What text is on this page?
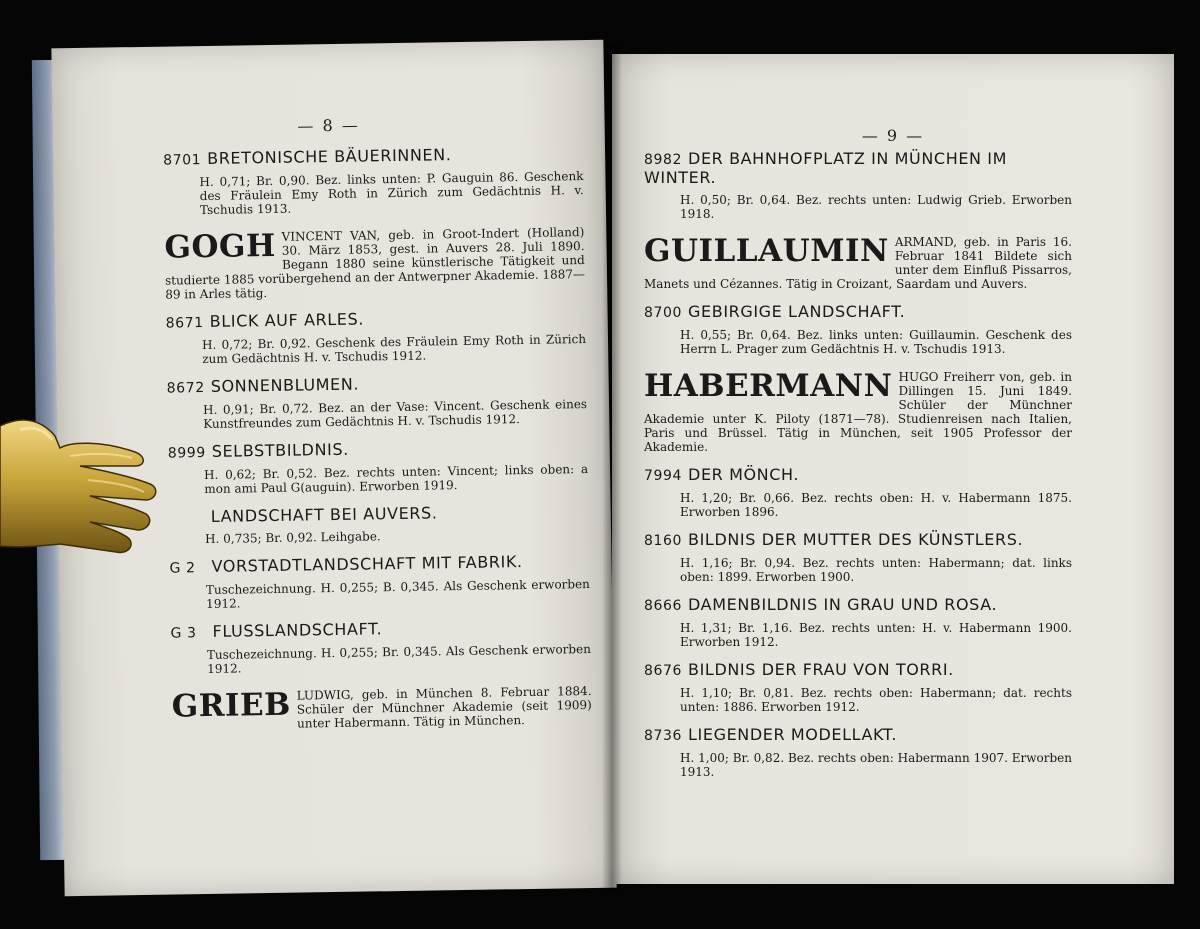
— 8 —
8701 BRETONISCHE BÄUERINNEN.
H. 0,71; Br. 0,90. Bez. links unten: P. Gauguin 86. Geschenk des Fräulein Emy Roth in Zürich zum Gedächtnis H. v. Tschudis 1913.
GOGH VINCENT VAN, geb. in Groot-Indert (Holland) 30. März 1853, gest. in Auvers 28. Juli 1890. Begann 1880 seine künstlerische Tätigkeit und studierte 1885 vorübergehend an der Antwerpner Akademie. 1887—89 in Arles tätig.
8671 BLICK AUF ARLES.
H. 0,72; Br. 0,92. Geschenk des Fräulein Emy Roth in Zürich zum Gedächtnis H. v. Tschudis 1912.
8672 SONNENBLUMEN.
H. 0,91; Br. 0,72. Bez. an der Vase: Vincent. Geschenk eines Kunstfreundes zum Gedächtnis H. v. Tschudis 1912.
8999 SELBSTBILDNIS.
H. 0,62; Br. 0,52. Bez. rechts unten: Vincent; links oben: a mon ami Paul G(auguin). Erworben 1919.
LANDSCHAFT BEI AUVERS.
H. 0,735; Br. 0,92. Leihgabe.
G 2 VORSTADTLANDSCHAFT MIT FABRIK.
Tuschezeichnung. H. 0,255; B. 0,345. Als Geschenk erworben 1912.
G 3 FLUSSLANDSCHAFT.
Tuschezeichnung. H. 0,255; Br. 0,345. Als Geschenk erworben 1912.
GRIEB LUDWIG, geb. in München 8. Februar 1884. Schüler der Münchner Akademie (seit 1909) unter Habermann. Tätig in München.
— 9 —
8982 DER BAHNHOFPLATZ IN MÜNCHEN IM WINTER.
H. 0,50; Br. 0,64. Bez. rechts unten: Ludwig Grieb. Erworben 1918.
GUILLAUMIN ARMAND, geb. in Paris 16. Februar 1841 Bildete sich unter dem Einfluß Pissarros, Manets und Cézannes. Tätig in Croizant, Saardam und Auvers.
8700 GEBIRGIGE LANDSCHAFT.
H. 0,55; Br. 0,64. Bez. links unten: Guillaumin. Geschenk des Herrn L. Prager zum Gedächtnis H. v. Tschudis 1913.
HABERMANN HUGO Freiherr von, geb. in Dillingen 15. Juni 1849. Schüler der Münchner Akademie unter K. Piloty (1871—78). Studienreisen nach Italien, Paris und Brüssel. Tätig in München, seit 1905 Professor der Akademie.
7994 DER MÖNCH.
H. 1,20; Br. 0,66. Bez. rechts oben: H. v. Habermann 1875. Erworben 1896.
8160 BILDNIS DER MUTTER DES KÜNSTLERS.
H. 1,16; Br. 0,94. Bez. rechts unten: Habermann; dat. links oben: 1899. Erworben 1900.
8666 DAMENBILDNIS IN GRAU UND ROSA.
H. 1,31; Br. 1,16. Bez. rechts unten: H. v. Habermann 1900. Erworben 1912.
8676 BILDNIS DER FRAU VON TORRI.
H. 1,10; Br. 0,81. Bez. rechts oben: Habermann; dat. rechts unten: 1886. Erworben 1912.
8736 LIEGENDER MODELLAKT.
H. 1,00; Br. 0,82. Bez. rechts oben: Habermann 1907. Erworben 1913.
